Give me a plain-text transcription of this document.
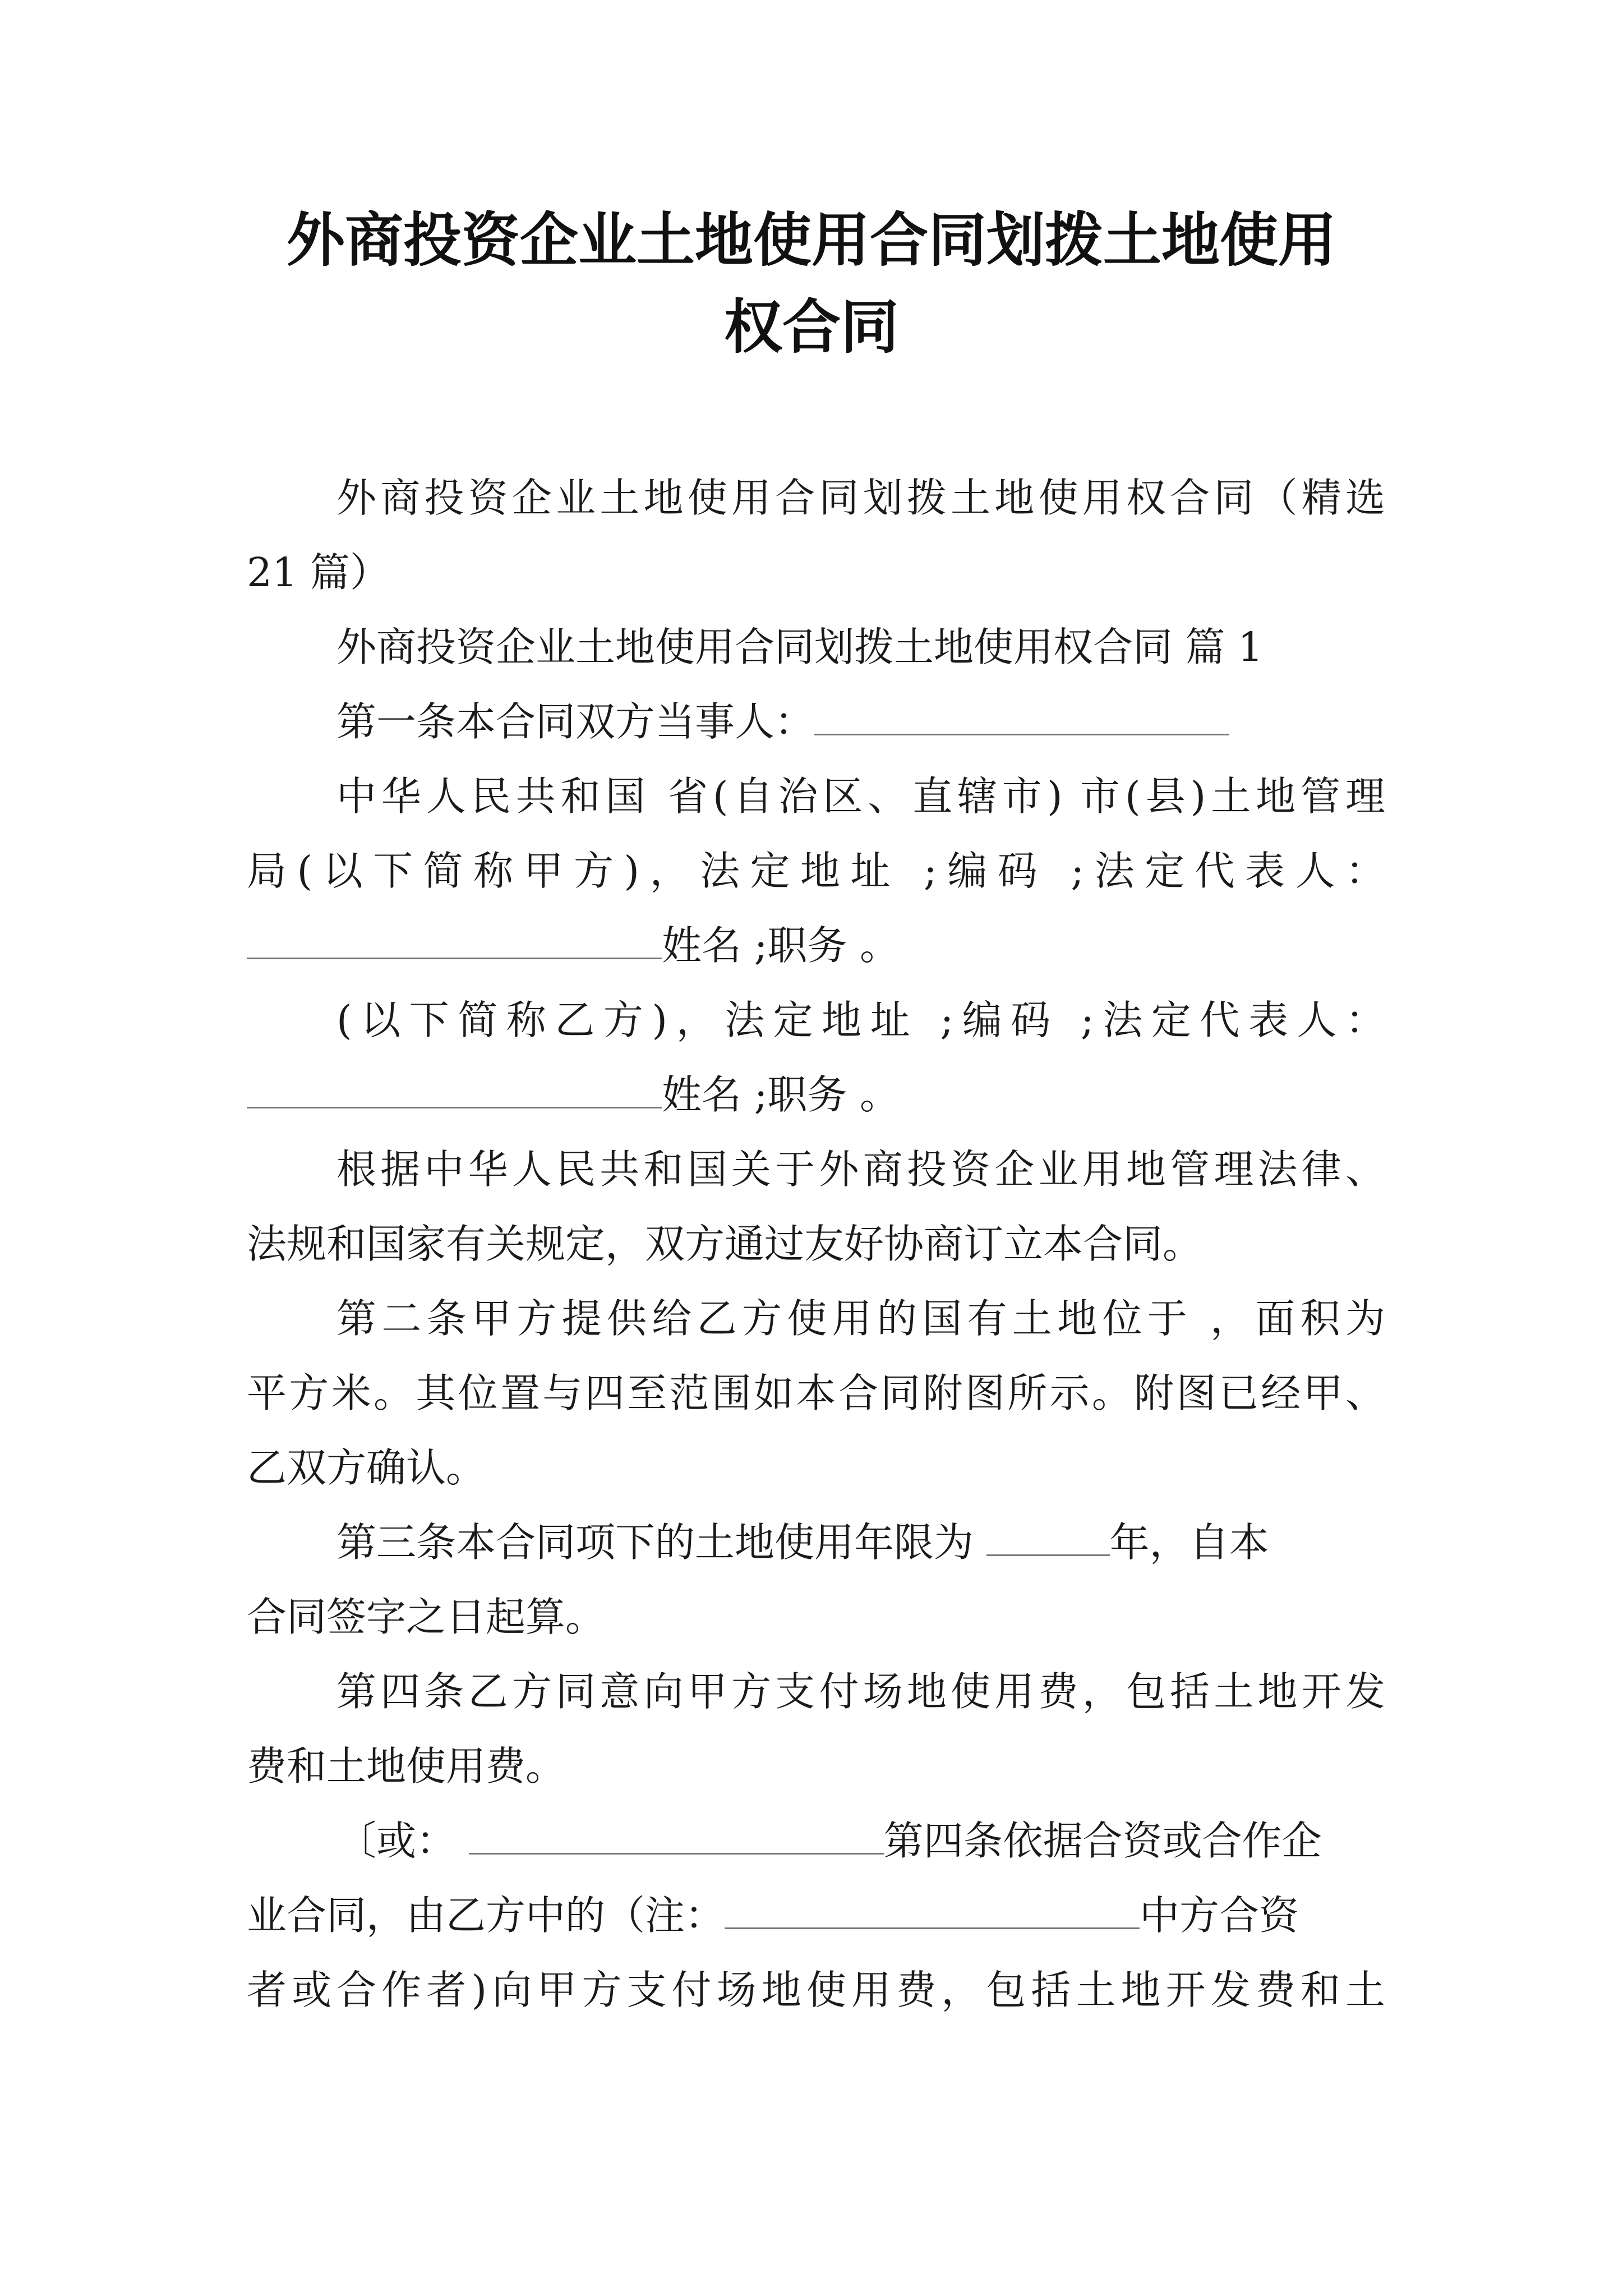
外商投资企业土地使用合同划拨土地使用
权合同
外商投资企业土地使用合同划拨土地使用权合同（精选
21 篇）
外商投资企业土地使用合同划拨土地使用权合同 篇 1
第一条本合同双方当事人：
中华人民共和国 省(自治区、直辖市) 市(县)土地管理
局(以下简称甲方)，法定地址 ;编码 ;法定代表人：
姓名 ;职务 。
(以下简称乙方)，法定地址 ;编码 ;法定代表人：
姓名 ;职务 。
根据中华人民共和国关于外商投资企业用地管理法律、
法规和国家有关规定，双方通过友好协商订立本合同。
第二条甲方提供给乙方使用的国有土地位于 ，面积为
平方米。其位置与四至范围如本合同附图所示。附图已经甲、
乙双方确认。
第三条本合同项下的土地使用年限为	年，自本
合同签字之日起算。
第四条乙方同意向甲方支付场地使用费，包括土地开发
费和土地使用费。
〔或：	第四条依据合资或合作企
业合同，由乙方中的（注：	中方合资
者或合作者)向甲方支付场地使用费，包括土地开发费和土
